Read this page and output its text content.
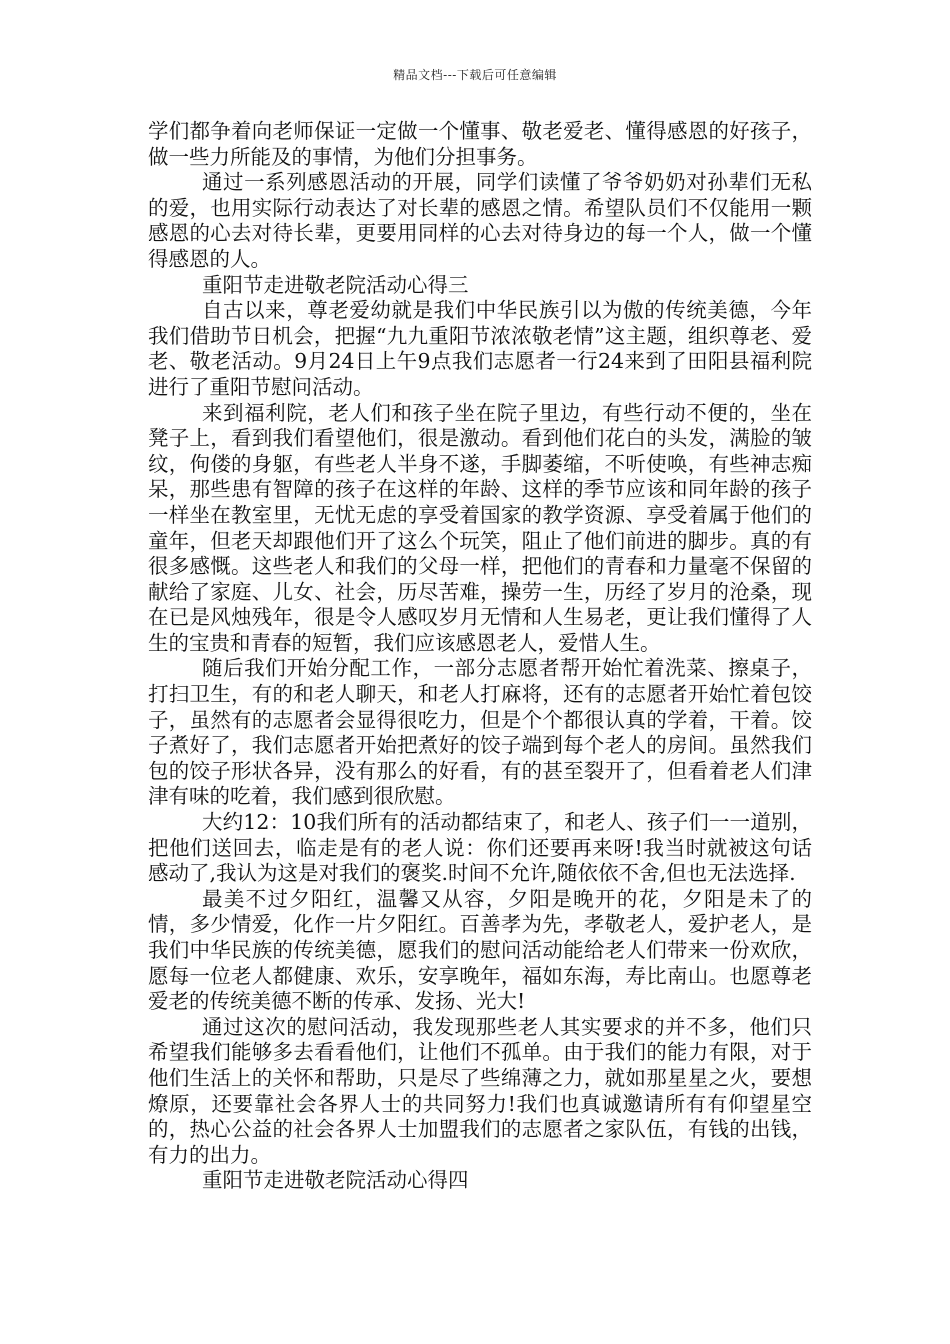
精品文档---下载后可任意编辑

学们都争着向老师保证一定做一个懂事、敬老爱老、懂得感恩的好孩子，做一些力所能及的事情，为他们分担事务。

通过一系列感恩活动的开展，同学们读懂了爷爷奶奶对孙辈们无私的爱，也用实际行动表达了对长辈的感恩之情。希望队员们不仅能用一颗感恩的心去对待长辈，更要用同样的心去对待身边的每一个人，做一个懂得感恩的人。

重阳节走进敬老院活动心得三

自古以来，尊老爱幼就是我们中华民族引以为傲的传统美德，今年我们借助节日机会，把握“九九重阳节浓浓敬老情”这主题，组织尊老、爱老、敬老活动。9月24日上午9点我们志愿者一行24来到了田阳县福利院进行了重阳节慰问活动。

来到福利院，老人们和孩子坐在院子里边，有些行动不便的，坐在凳子上，看到我们看望他们，很是激动。看到他们花白的头发，满脸的皱纹，佝偻的身躯，有些老人半身不遂，手脚萎缩，不听使唤，有些神志痴呆，那些患有智障的孩子在这样的年龄、这样的季节应该和同年龄的孩子一样坐在教室里，无忧无虑的享受着国家的教学资源、享受着属于他们的童年，但老天却跟他们开了这么个玩笑，阻止了他们前进的脚步。真的有很多感慨。这些老人和我们的父母一样，把他们的青春和力量毫不保留的献给了家庭、儿女、社会，历尽苦难，操劳一生，历经了岁月的沧桑，现在已是风烛残年，很是令人感叹岁月无情和人生易老，更让我们懂得了人生的宝贵和青春的短暂，我们应该感恩老人，爱惜人生。

随后我们开始分配工作，一部分志愿者帮开始忙着洗菜、擦桌子，打扫卫生，有的和老人聊天，和老人打麻将，还有的志愿者开始忙着包饺子，虽然有的志愿者会显得很吃力，但是个个都很认真的学着，干着。饺子煮好了，我们志愿者开始把煮好的饺子端到每个老人的房间。虽然我们包的饺子形状各异，没有那么的好看，有的甚至裂开了，但看着老人们津津有味的吃着，我们感到很欣慰。

大约12：10我们所有的活动都结束了，和老人、孩子们一一道别，把他们送回去，临走是有的老人说：你们还要再来呀!我当时就被这句话感动了,我认为这是对我们的褒奖.时间不允许,随依依不舍,但也无法选择.

最美不过夕阳红，温馨又从容，夕阳是晚开的花，夕阳是未了的情，多少情爱，化作一片夕阳红。百善孝为先，孝敬老人，爱护老人，是我们中华民族的传统美德，愿我们的慰问活动能给老人们带来一份欢欣，愿每一位老人都健康、欢乐，安享晚年，福如东海，寿比南山。也愿尊老爱老的传统美德不断的传承、发扬、光大!

通过这次的慰问活动，我发现那些老人其实要求的并不多，他们只希望我们能够多去看看他们，让他们不孤单。由于我们的能力有限，对于他们生活上的关怀和帮助，只是尽了些绵薄之力，就如那星星之火，要想燎原，还要靠社会各界人士的共同努力!我们也真诚邀请所有有仰望星空的，热心公益的社会各界人士加盟我们的志愿者之家队伍，有钱的出钱，有力的出力。

重阳节走进敬老院活动心得四
